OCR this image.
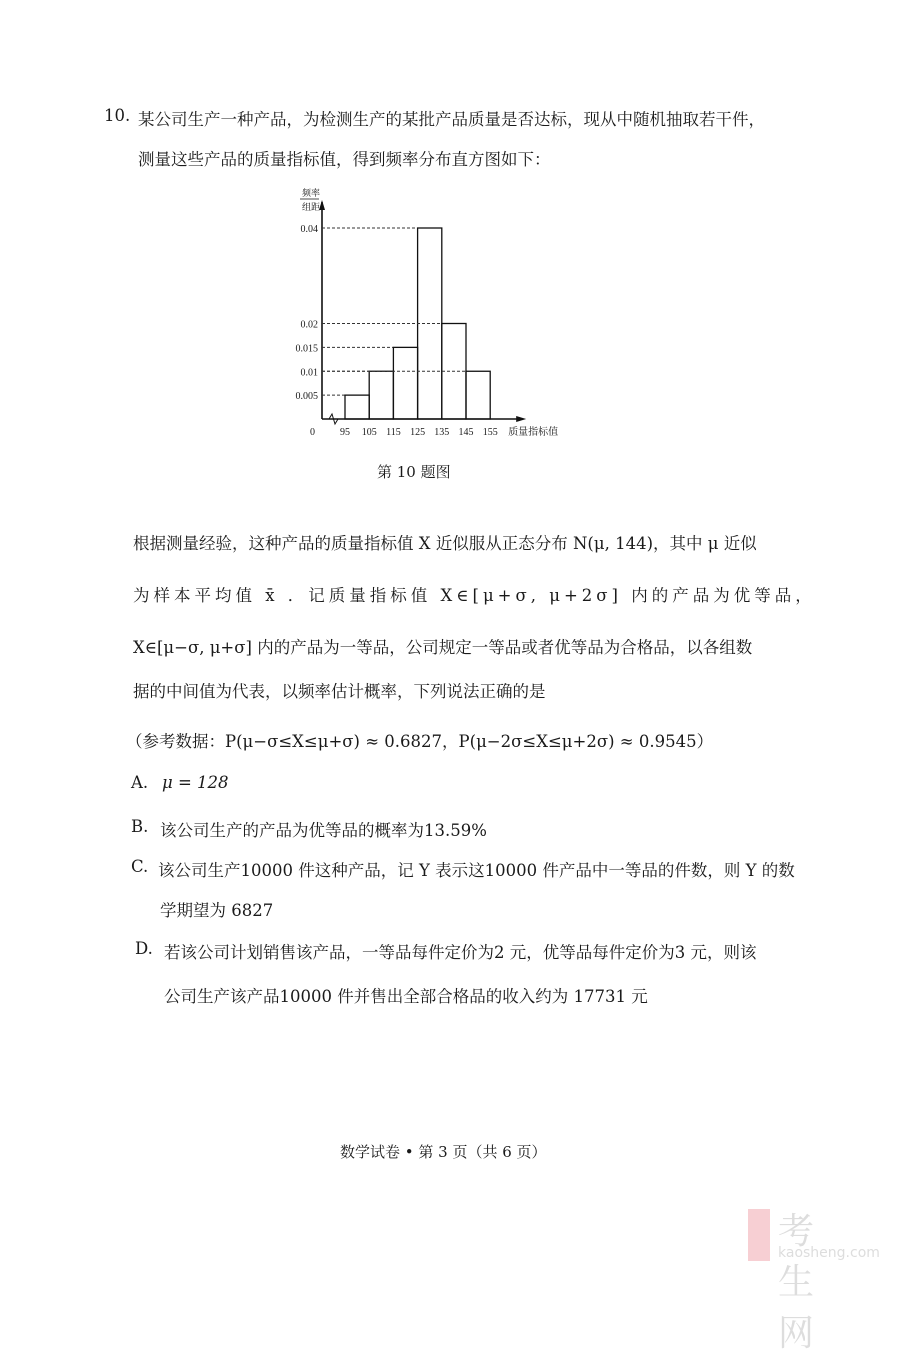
10. 某公司生产一种产品，为检测生产的某批产品质量是否达标，现从中随机抽取若干件，
测量这些产品的质量指标值，得到频率分布直方图如下：
频率
组距
质量指标值
0
0.04
0.02
0.015
0.01
0.005
95 105 115 125 135 145 155
第 10 题图
根据测量经验，这种产品的质量指标值 X 近似服从正态分布 N(μ, 144)，其中 μ 近似
为样本平均值 x̄ ．记质量指标值 X∈[μ+σ, μ+2σ] 内的产品为优等品，
X∈[μ−σ, μ+σ] 内的产品为一等品，公司规定一等品或者优等品为合格品，以各组数
据的中间值为代表，以频率估计概率，下列说法正确的是
（参考数据：P(μ−σ≤X≤μ+σ) ≈ 0.6827，P(μ−2σ≤X≤μ+2σ) ≈ 0.9545）
A. μ = 128
B. 该公司生产的产品为优等品的概率为13.59%
C. 该公司生产10000 件这种产品，记 Y 表示这10000 件产品中一等品的件数，则 Y 的数
学期望为 6827
D. 若该公司计划销售该产品，一等品每件定价为2 元，优等品每件定价为3 元，则该
公司生产该产品10000 件并售出全部合格品的收入约为 17731 元
数学试卷 • 第 3 页（共 6 页）
考生网
kaosheng.com
